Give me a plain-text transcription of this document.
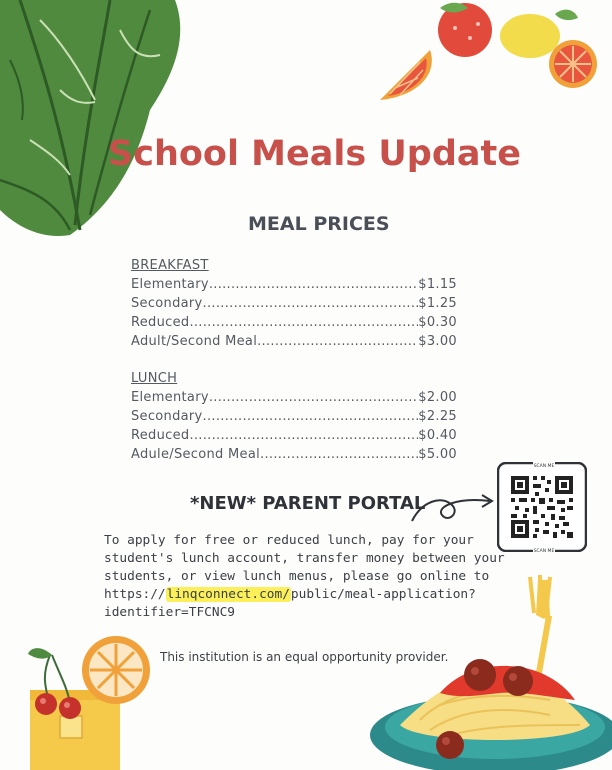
School Meals Update
MEAL PRICES
BREAKFAST
Elementary .....	$1.15
Secondary .....	$1.25
Reduced .....	$0.30
Adult/Second Meal .....	$3.00
LUNCH
Elementary .....	$2.00
Secondary .....	$2.25
Reduced .....	$0.40
Adule/Second Meal .....	$5.00
*NEW* PARENT PORTAL
SCAN ME
SCAN ME
To apply for free or reduced lunch, pay for your
student's lunch account, transfer money between your
students, or view lunch menus, please go online to
https://linqconnect.com/public/meal-application?
identifier=TFCNC9
This institution is an equal opportunity provider.
